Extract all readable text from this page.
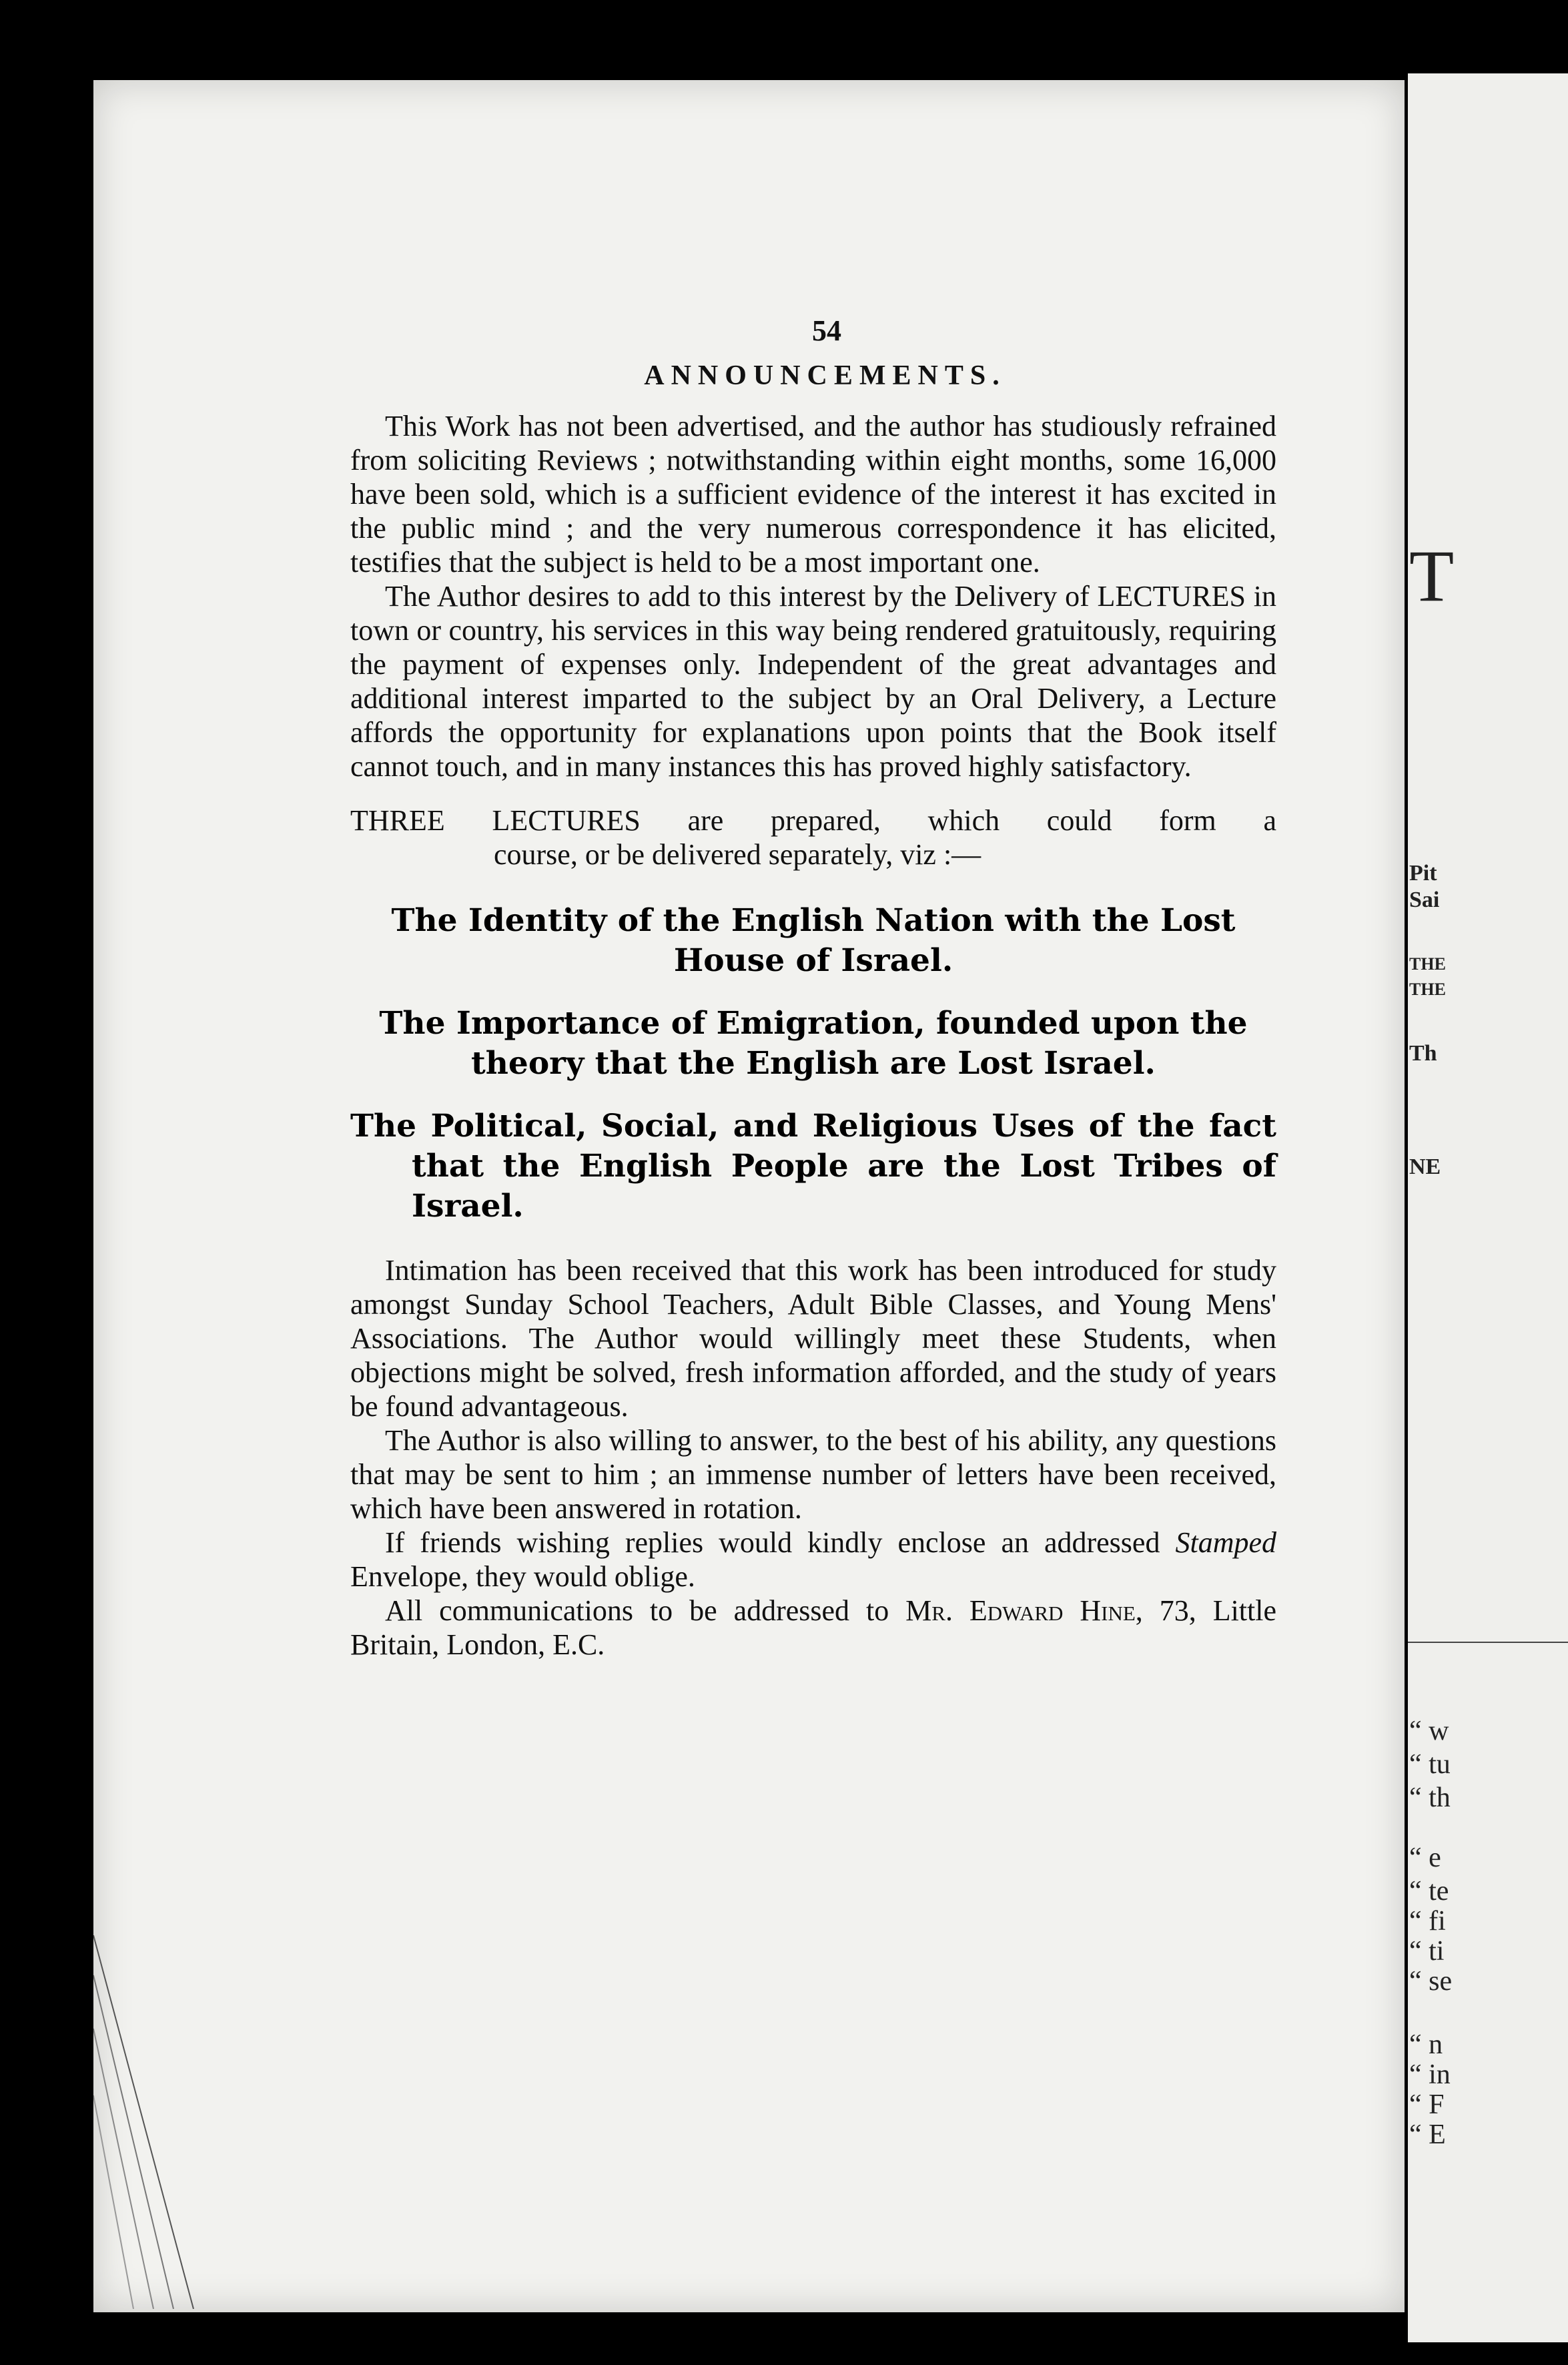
T
Pit
Sai
THE
THE
Th
NE
“ w
“ tu
“ th
“ e
“ te
“ fi
“ ti
“ se
“ n
“ in
“ F
“ E
54
ANNOUNCEMENTS.

This Work has not been advertised, and the author has studiously refrained from soliciting Reviews ; notwithstanding within eight months, some 16,000 have been sold, which is a sufficient evidence of the interest it has excited in the public mind ; and the very numerous correspondence it has elicited, testifies that the subject is held to be a most important one.

The Author desires to add to this interest by the Delivery of LECTURES in town or country, his services in this way being rendered gratuitously, requiring the payment of expenses only. Independent of the great advantages and additional interest imparted to the subject by an Oral Delivery, a Lecture affords the opportunity for explanations upon points that the Book itself cannot touch, and in many instances this has proved highly satisfactory.

THREE LECTURES are prepared, which could form a
course, or be delivered separately, viz :—
The Identity of the English Nation with the Lost House of Israel.
The Importance of Emigration, founded upon the theory that the English are Lost Israel.
The Political, Social, and Religious Uses of the fact that the English People are the Lost Tribes of Israel.

Intimation has been received that this work has been introduced for study amongst Sunday School Teachers, Adult Bible Classes, and Young Mens' Associations. The Author would willingly meet these Students, when objections might be solved, fresh information afforded, and the study of years be found advantageous.

The Author is also willing to answer, to the best of his ability, any questions that may be sent to him ; an immense number of letters have been received, which have been answered in rotation.

If friends wishing replies would kindly enclose an addressed Stamped Envelope, they would oblige.

All communications to be addressed to Mr. Edward Hine, 73, Little Britain, London, E.C.
